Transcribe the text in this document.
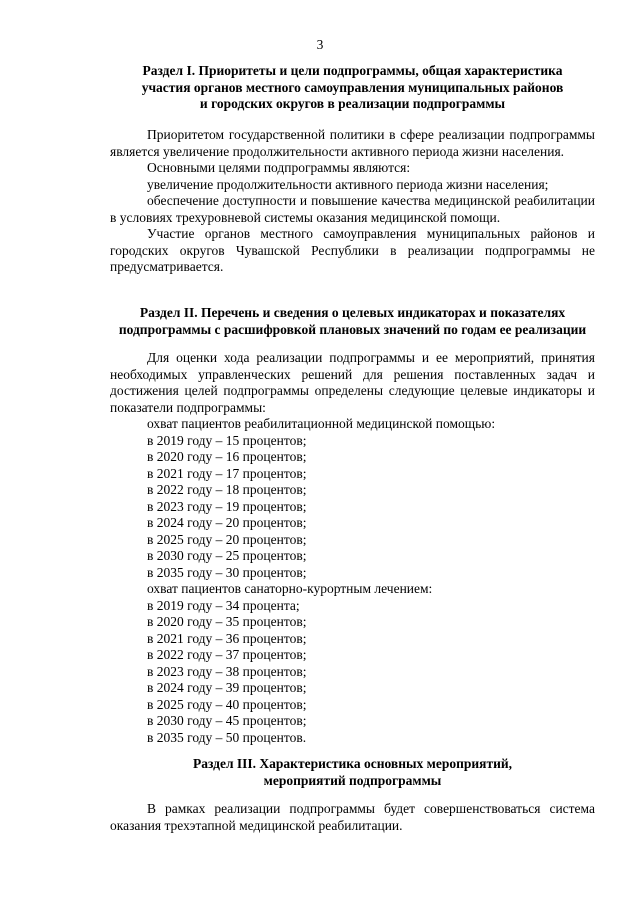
3
Раздел I. Приоритеты и цели подпрограммы, общая характеристика
участия органов местного самоуправления муниципальных районов
и городских округов в реализации подпрограммы

Приоритетом государственной политики в сфере реализации подпрограммы является увеличение продолжительности активного периода жизни населения.

Основными целями подпрограммы являются:

увеличение продолжительности активного периода жизни населения;

обеспечение доступности и повышение качества медицинской реабилитации в условиях трехуровневой системы оказания медицинской помощи.

Участие органов местного самоуправления муниципальных районов и городских округов Чувашской Республики в реализации подпрограммы не предусматривается.

Раздел II. Перечень и сведения о целевых индикаторах и показателях
подпрограммы с расшифровкой плановых значений по годам ее реализации

Для оценки хода реализации подпрограммы и ее мероприятий, принятия необходимых управленческих решений для решения поставленных задач и достижения целей подпрограммы определены следующие целевые индикаторы и показатели подпрограммы:

охват пациентов реабилитационной медицинской помощью:

в 2019 году – 15 процентов;

в 2020 году – 16 процентов;

в 2021 году – 17 процентов;

в 2022 году – 18 процентов;

в 2023 году – 19 процентов;

в 2024 году – 20 процентов;

в 2025 году – 20 процентов;

в 2030 году – 25 процентов;

в 2035 году – 30 процентов;

охват пациентов санаторно-курортным лечением:

в 2019 году – 34 процента;

в 2020 году – 35 процентов;

в 2021 году – 36 процентов;

в 2022 году – 37 процентов;

в 2023 году – 38 процентов;

в 2024 году – 39 процентов;

в 2025 году – 40 процентов;

в 2030 году – 45 процентов;

в 2035 году – 50 процентов.

Раздел III. Характеристика основных мероприятий,
мероприятий подпрограммы

В рамках реализации подпрограммы будет совершенствоваться система оказания трехэтапной медицинской реабилитации.
